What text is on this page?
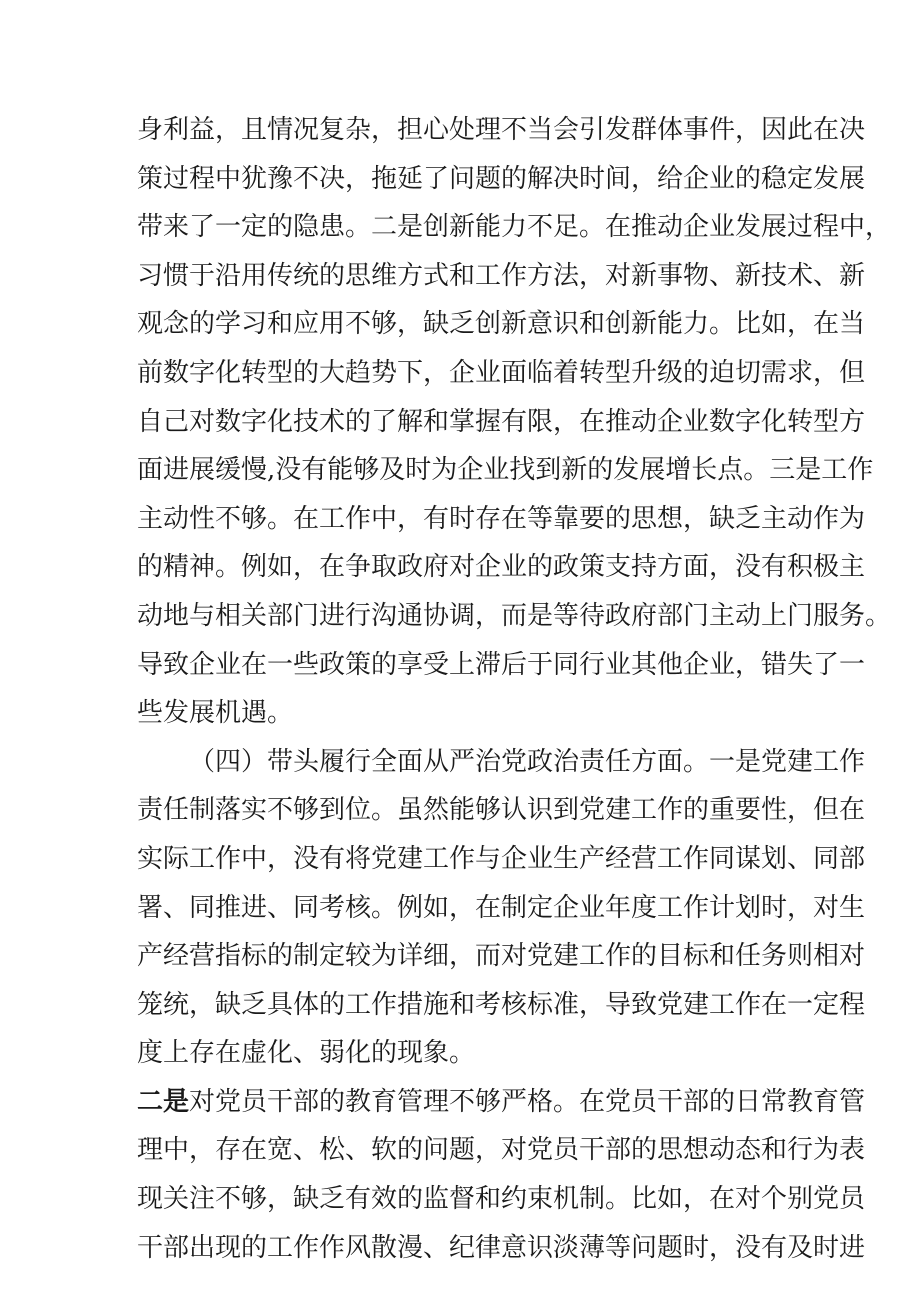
身利益，且情况复杂，担心处理不当会引发群体事件，因此在决
策过程中犹豫不决，拖延了问题的解决时间，给企业的稳定发展
带来了一定的隐患。二是创新能力不足。在推动企业发展过程中，
习惯于沿用传统的思维方式和工作方法，对新事物、新技术、新
观念的学习和应用不够，缺乏创新意识和创新能力。比如，在当
前数字化转型的大趋势下，企业面临着转型升级的迫切需求，但
自己对数字化技术的了解和掌握有限，在推动企业数字化转型方
面进展缓慢,没有能够及时为企业找到新的发展增长点。三是工作
主动性不够。在工作中，有时存在等靠要的思想，缺乏主动作为
的精神。例如，在争取政府对企业的政策支持方面，没有积极主
动地与相关部门进行沟通协调，而是等待政府部门主动上门服务。
导致企业在一些政策的享受上滞后于同行业其他企业，错失了一
些发展机遇。
（四）带头履行全面从严治党政治责任方面。一是党建工作
责任制落实不够到位。虽然能够认识到党建工作的重要性，但在
实际工作中，没有将党建工作与企业生产经营工作同谋划、同部
署、同推进、同考核。例如，在制定企业年度工作计划时，对生
产经营指标的制定较为详细，而对党建工作的目标和任务则相对
笼统，缺乏具体的工作措施和考核标准，导致党建工作在一定程
度上存在虚化、弱化的现象。
二是对党员干部的教育管理不够严格。在党员干部的日常教育管
理中，存在宽、松、软的问题，对党员干部的思想动态和行为表
现关注不够，缺乏有效的监督和约束机制。比如，在对个别党员
干部出现的工作作风散漫、纪律意识淡薄等问题时，没有及时进
